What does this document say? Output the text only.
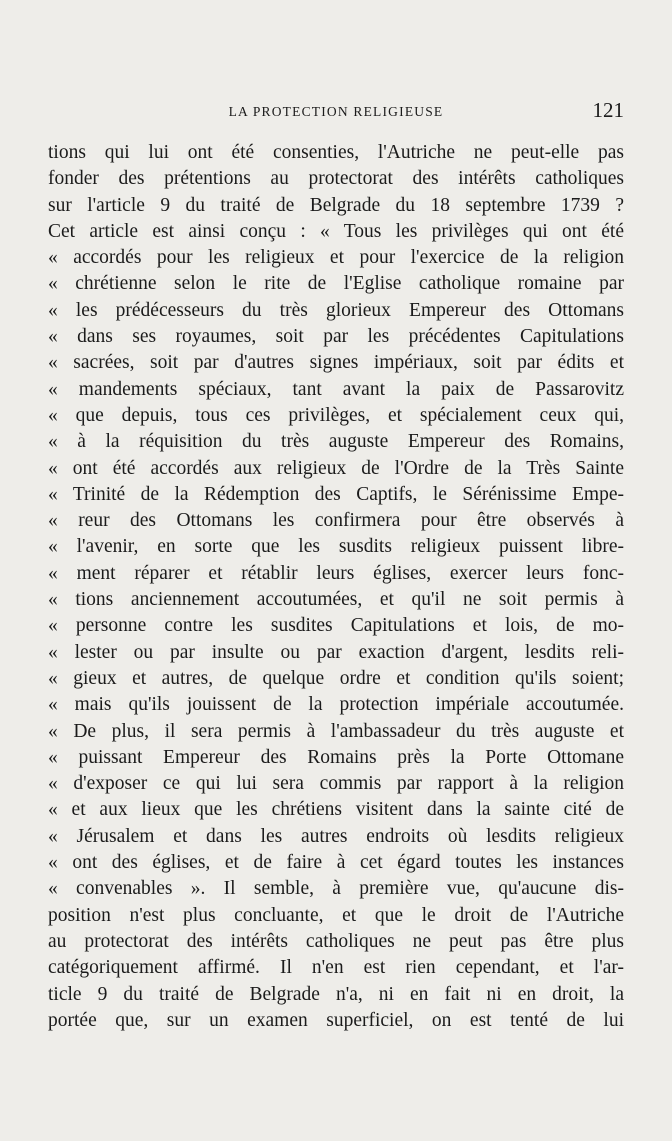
LA PROTECTION RELIGIEUSE	121
tions qui lui ont été consenties, l'Autriche ne peut-elle pas
fonder des prétentions au protectorat des intérêts catholiques
sur l'article 9 du traité de Belgrade du 18 septembre 1739 ?
Cet article est ainsi conçu : « Tous les privilèges qui ont été
« accordés pour les religieux et pour l'exercice de la religion
« chrétienne selon le rite de l'Eglise catholique romaine par
« les prédécesseurs du très glorieux Empereur des Ottomans
« dans ses royaumes, soit par les précédentes Capitulations
« sacrées, soit par d'autres signes impériaux, soit par édits et
« mandements spéciaux, tant avant la paix de Passarovitz
« que depuis, tous ces privilèges, et spécialement ceux qui,
« à la réquisition du très auguste Empereur des Romains,
« ont été accordés aux religieux de l'Ordre de la Très Sainte
« Trinité de la Rédemption des Captifs, le Sérénissime Empe-
« reur des Ottomans les confirmera pour être observés à
« l'avenir, en sorte que les susdits religieux puissent libre-
« ment réparer et rétablir leurs églises, exercer leurs fonc-
« tions anciennement accoutumées, et qu'il ne soit permis à
« personne contre les susdites Capitulations et lois, de mo-
« lester ou par insulte ou par exaction d'argent, lesdits reli-
« gieux et autres, de quelque ordre et condition qu'ils soient;
« mais qu'ils jouissent de la protection impériale accoutumée.
« De plus, il sera permis à l'ambassadeur du très auguste et
« puissant Empereur des Romains près la Porte Ottomane
« d'exposer ce qui lui sera commis par rapport à la religion
« et aux lieux que les chrétiens visitent dans la sainte cité de
« Jérusalem et dans les autres endroits où lesdits religieux
« ont des églises, et de faire à cet égard toutes les instances
« convenables ». Il semble, à première vue, qu'aucune dis-
position n'est plus concluante, et que le droit de l'Autriche
au protectorat des intérêts catholiques ne peut pas être plus
catégoriquement affirmé. Il n'en est rien cependant, et l'ar-
ticle 9 du traité de Belgrade n'a, ni en fait ni en droit, la
portée que, sur un examen superficiel, on est tenté de lui
